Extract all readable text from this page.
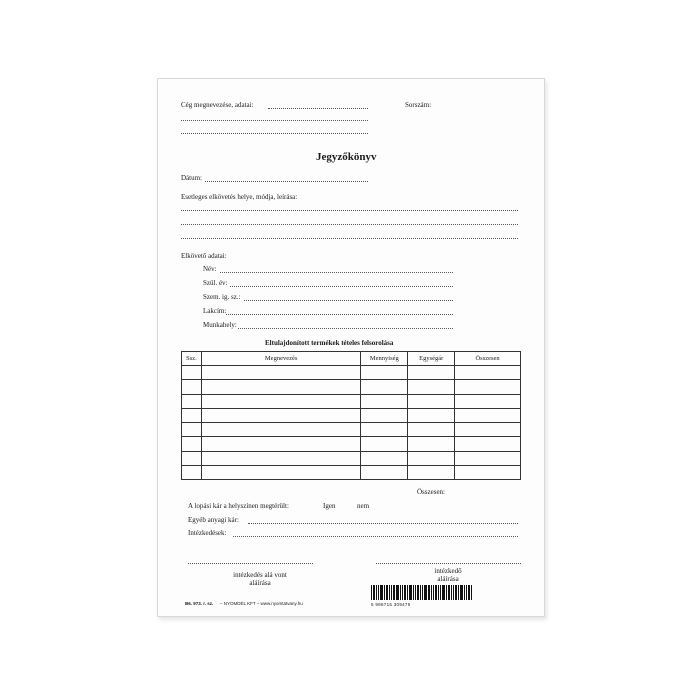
Cég megnevezése, adatai:	Sorszám:
Jegyzőkönyv
Dátum:
Esetleges elkövetés helye, módja, leírása:
Elkövető adatai:
Név:
Szül. év:
Szem. ig. sz.:
Lakcím:
Munkahely:
Eltulajdonított termékek tételes felsorolása
Ssz.	Megnevezés	Mennyiség	Egységár	Összesen

Összesen:
A lopási kár a helyszínen megtérült:	Igen	nem
Egyéb anyagi kár:
Intézkedések:
intézkedés alá vont
aláírása
intézkedő
aláírása
B6. 973. r. sz. – NYOMDÉL KFT – www.nyomtatvany.hu	5 998715 309475
